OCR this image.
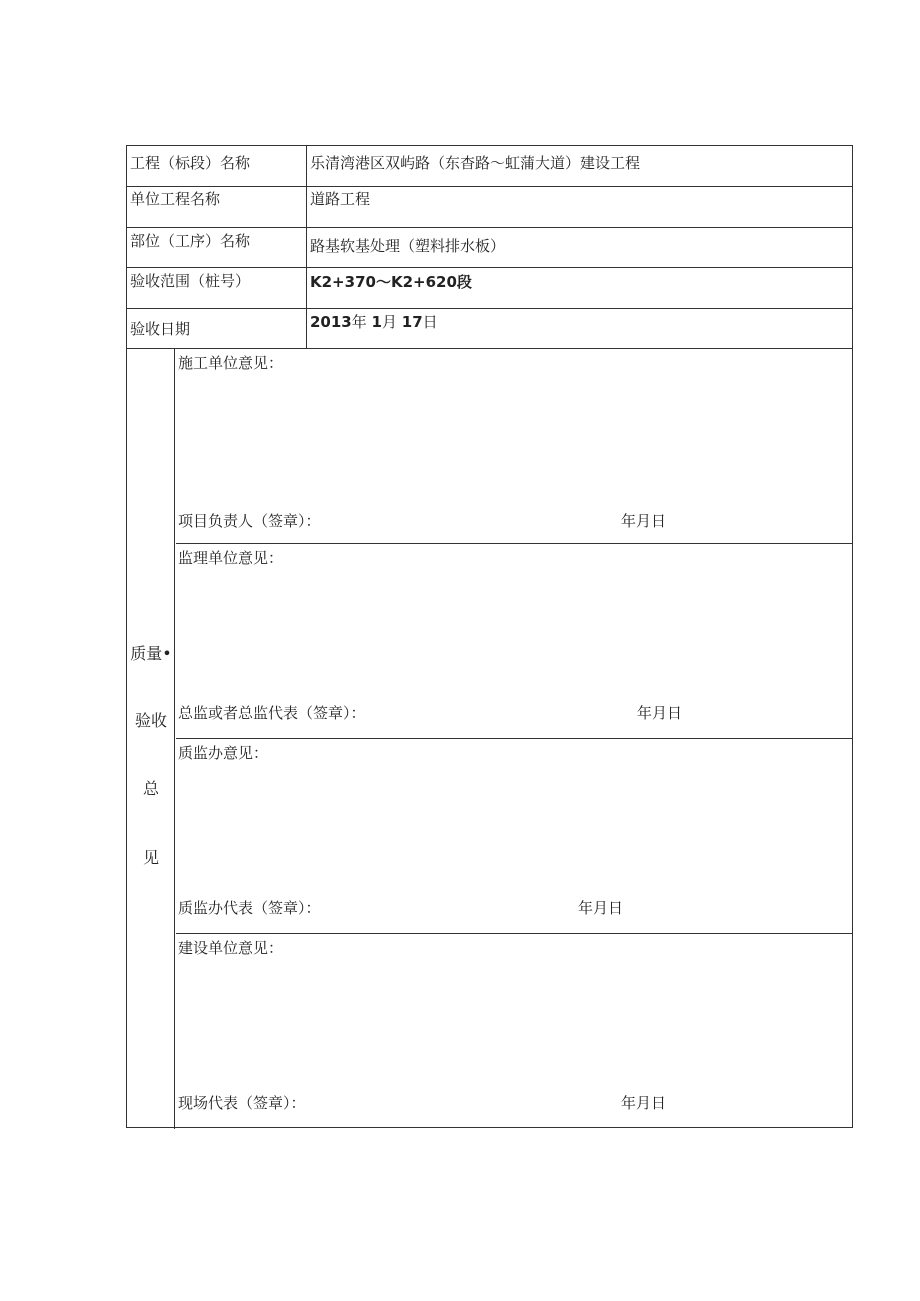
工程（标段）名称	乐清湾港区双屿路（东杳路～虹蒲大道）建设工程
单位工程名称	道路工程
部位（工序）名称	路基软基处理（塑料排水板）
验收范围（桩号）	K2+370～K2+620段
验收日期	2013年 1月 17日
质量•
验收
总
见
施工单位意见：
项目负责人（签章）：	年月日
监理单位意见：
总监或者总监代表（签章）：	年月日
质监办意见：
质监办代表（签章）：	年月日
建设单位意见：
现场代表（签章）：	年月日
